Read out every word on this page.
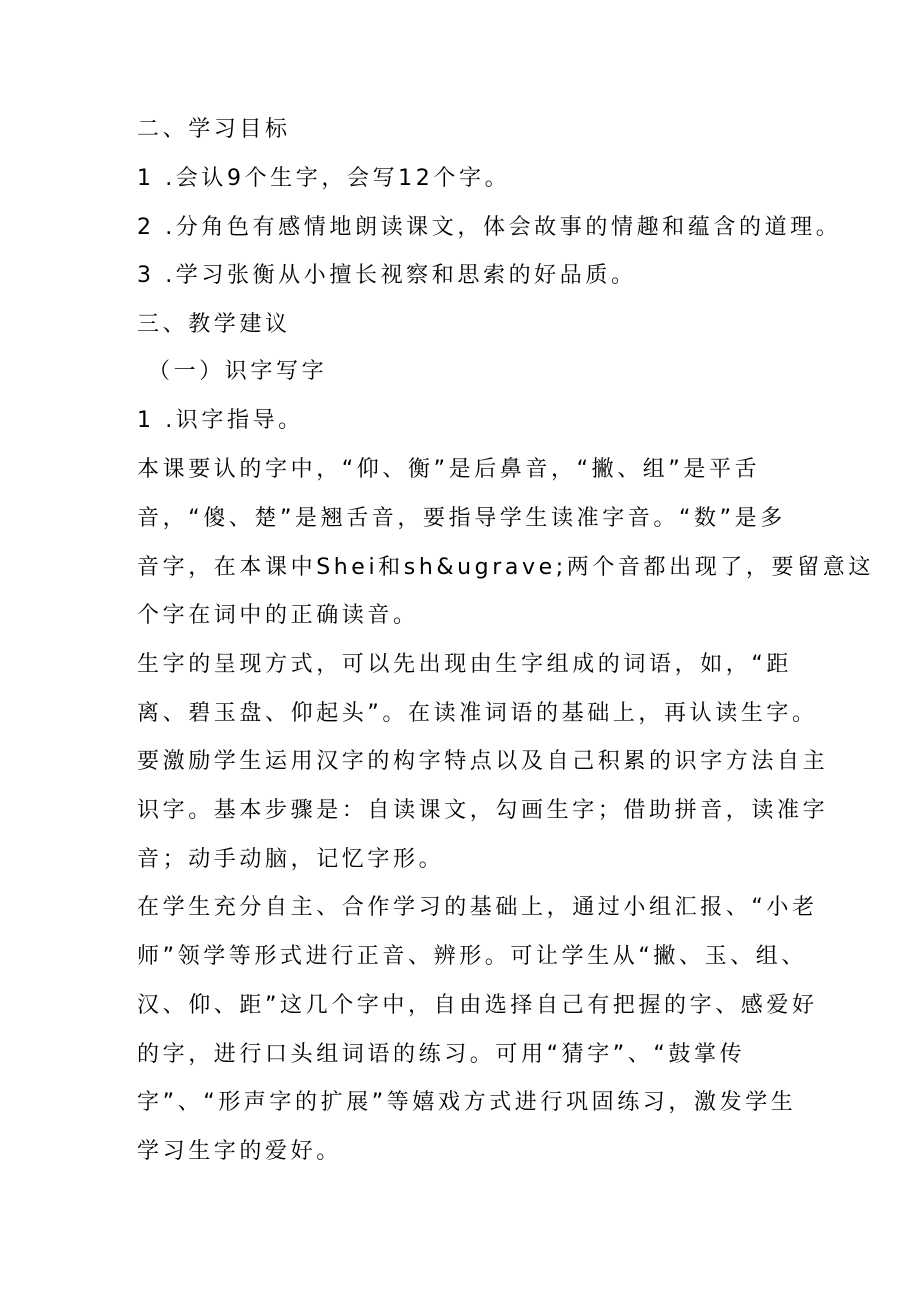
二、学习目标
1 .会认9个生字，会写12个字。
2 .分角色有感情地朗读课文，体会故事的情趣和蕴含的道理。
3 .学习张衡从小擅长视察和思索的好品质。
三、教学建议
（一）识字写字
1 .识字指导。
本课要认的字中，“仰、衡”是后鼻音，“撇、组”是平舌
音，“傻、楚”是翘舌音，要指导学生读准字音。“数”是多
音字，在本课中Shei和sh&ugrave;两个音都出现了，要留意这
个字在词中的正确读音。
生字的呈现方式，可以先出现由生字组成的词语，如，“距
离、碧玉盘、仰起头”。在读准词语的基础上，再认读生字。
要激励学生运用汉字的构字特点以及自己积累的识字方法自主
识字。基本步骤是：自读课文，勾画生字；借助拼音，读准字
音；动手动脑，记忆字形。
在学生充分自主、合作学习的基础上，通过小组汇报、“小老
师”领学等形式进行正音、辨形。可让学生从“撇、玉、组、
汉、仰、距”这几个字中，自由选择自己有把握的字、感爱好
的字，进行口头组词语的练习。可用“猜字”、“鼓掌传
字”、“形声字的扩展”等嬉戏方式进行巩固练习，激发学生
学习生字的爱好。
